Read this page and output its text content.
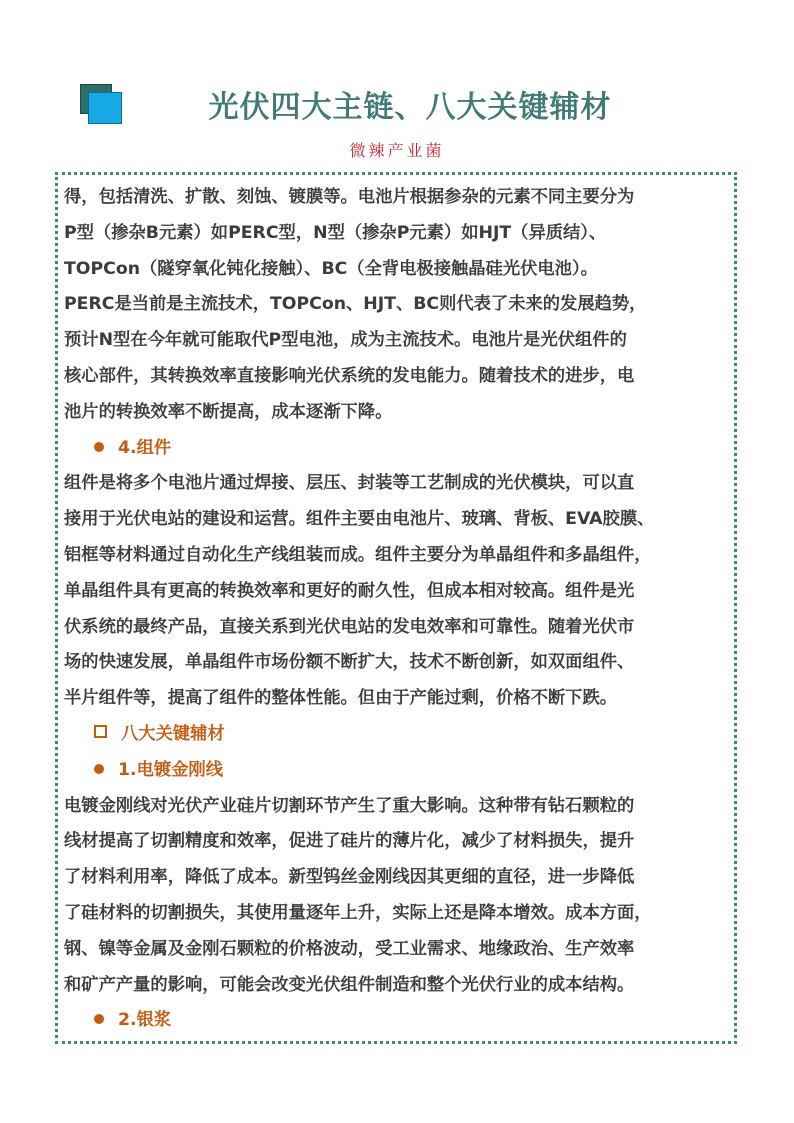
光伏四大主链、八大关键辅材
微辣产业菌
得，包括清洗、扩散、刻蚀、镀膜等。电池片根据参杂的元素不同主要分为
P型（掺杂B元素）如PERC型，N型（掺杂P元素）如HJT（异质结）、
TOPCon（隧穿氧化钝化接触）、BC（全背电极接触晶硅光伏电池）。
PERC是当前是主流技术，TOPCon、HJT、BC则代表了未来的发展趋势，
预计N型在今年就可能取代P型电池，成为主流技术。电池片是光伏组件的
核心部件，其转换效率直接影响光伏系统的发电能力。随着技术的进步，电
池片的转换效率不断提高，成本逐渐下降。
4.组件
组件是将多个电池片通过焊接、层压、封装等工艺制成的光伏模块，可以直
接用于光伏电站的建设和运营。组件主要由电池片、玻璃、背板、EVA胶膜、
铝框等材料通过自动化生产线组装而成。组件主要分为单晶组件和多晶组件，
单晶组件具有更高的转换效率和更好的耐久性，但成本相对较高。组件是光
伏系统的最终产品，直接关系到光伏电站的发电效率和可靠性。随着光伏市
场的快速发展，单晶组件市场份额不断扩大，技术不断创新，如双面组件、
半片组件等，提高了组件的整体性能。但由于产能过剩，价格不断下跌。
八大关键辅材
1.电镀金刚线
电镀金刚线对光伏产业硅片切割环节产生了重大影响。这种带有钻石颗粒的
线材提高了切割精度和效率，促进了硅片的薄片化，减少了材料损失，提升
了材料利用率，降低了成本。新型钨丝金刚线因其更细的直径，进一步降低
了硅材料的切割损失，其使用量逐年上升，实际上还是降本增效。成本方面，
钢、镍等金属及金刚石颗粒的价格波动，受工业需求、地缘政治、生产效率
和矿产产量的影响，可能会改变光伏组件制造和整个光伏行业的成本结构。
2.银浆
